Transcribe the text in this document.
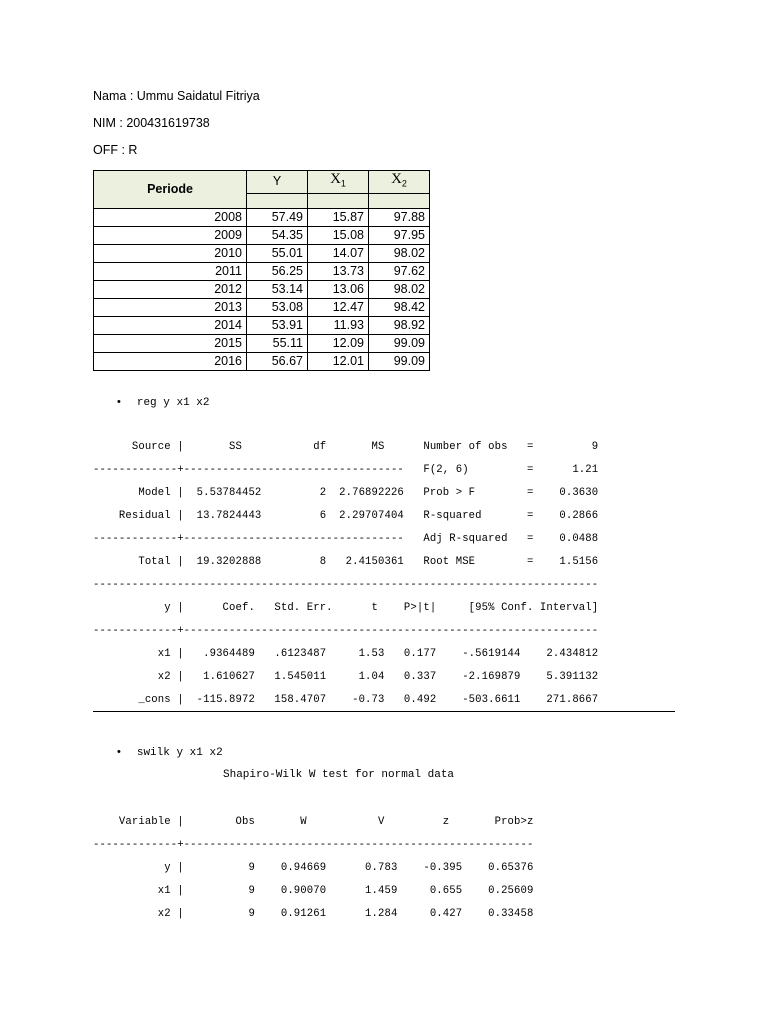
Nama : Ummu Saidatul Fitriya
NIM : 200431619738
OFF : R
Periode	Y	$X_1$	$X_2$

2008	57.49	15.87	97.88
2009	54.35	15.08	97.95
2010	55.01	14.07	98.02
2011	56.25	13.73	97.62
2012	53.14	13.06	98.02
2013	53.08	12.47	98.42
2014	53.91	11.93	98.92
2015	55.11	12.09	99.09
2016	56.67	12.01	99.09
• reg y x1 x2
Source |       SS           df       MS      Number of obs   =         9
-------------+----------------------------------   F(2, 6)         =      1.21
Model |  5.53784452         2  2.76892226   Prob > F        =    0.3630
Residual |  13.7824443         6  2.29707404   R-squared       =    0.2866
-------------+----------------------------------   Adj R-squared   =    0.0488
Total |  19.3202888         8   2.4150361   Root MSE        =    1.5156
------------------------------------------------------------------------------
y |      Coef.   Std. Err.      t    P>|t|     [95% Conf. Interval]
-------------+----------------------------------------------------------------
x1 |   .9364489   .6123487     1.53   0.177    -.5619144    2.434812
x2 |   1.610627   1.545011     1.04   0.337    -2.169879    5.391132
_cons |  -115.8972   158.4707    -0.73   0.492    -503.6611    271.8667
• swilk y x1 x2
Shapiro-Wilk W test for normal data
Variable |        Obs       W           V         z       Prob>z
-------------+------------------------------------------------------
y |          9    0.94669      0.783    -0.395    0.65376
x1 |          9    0.90070      1.459     0.655    0.25609
x2 |          9    0.91261      1.284     0.427    0.33458
